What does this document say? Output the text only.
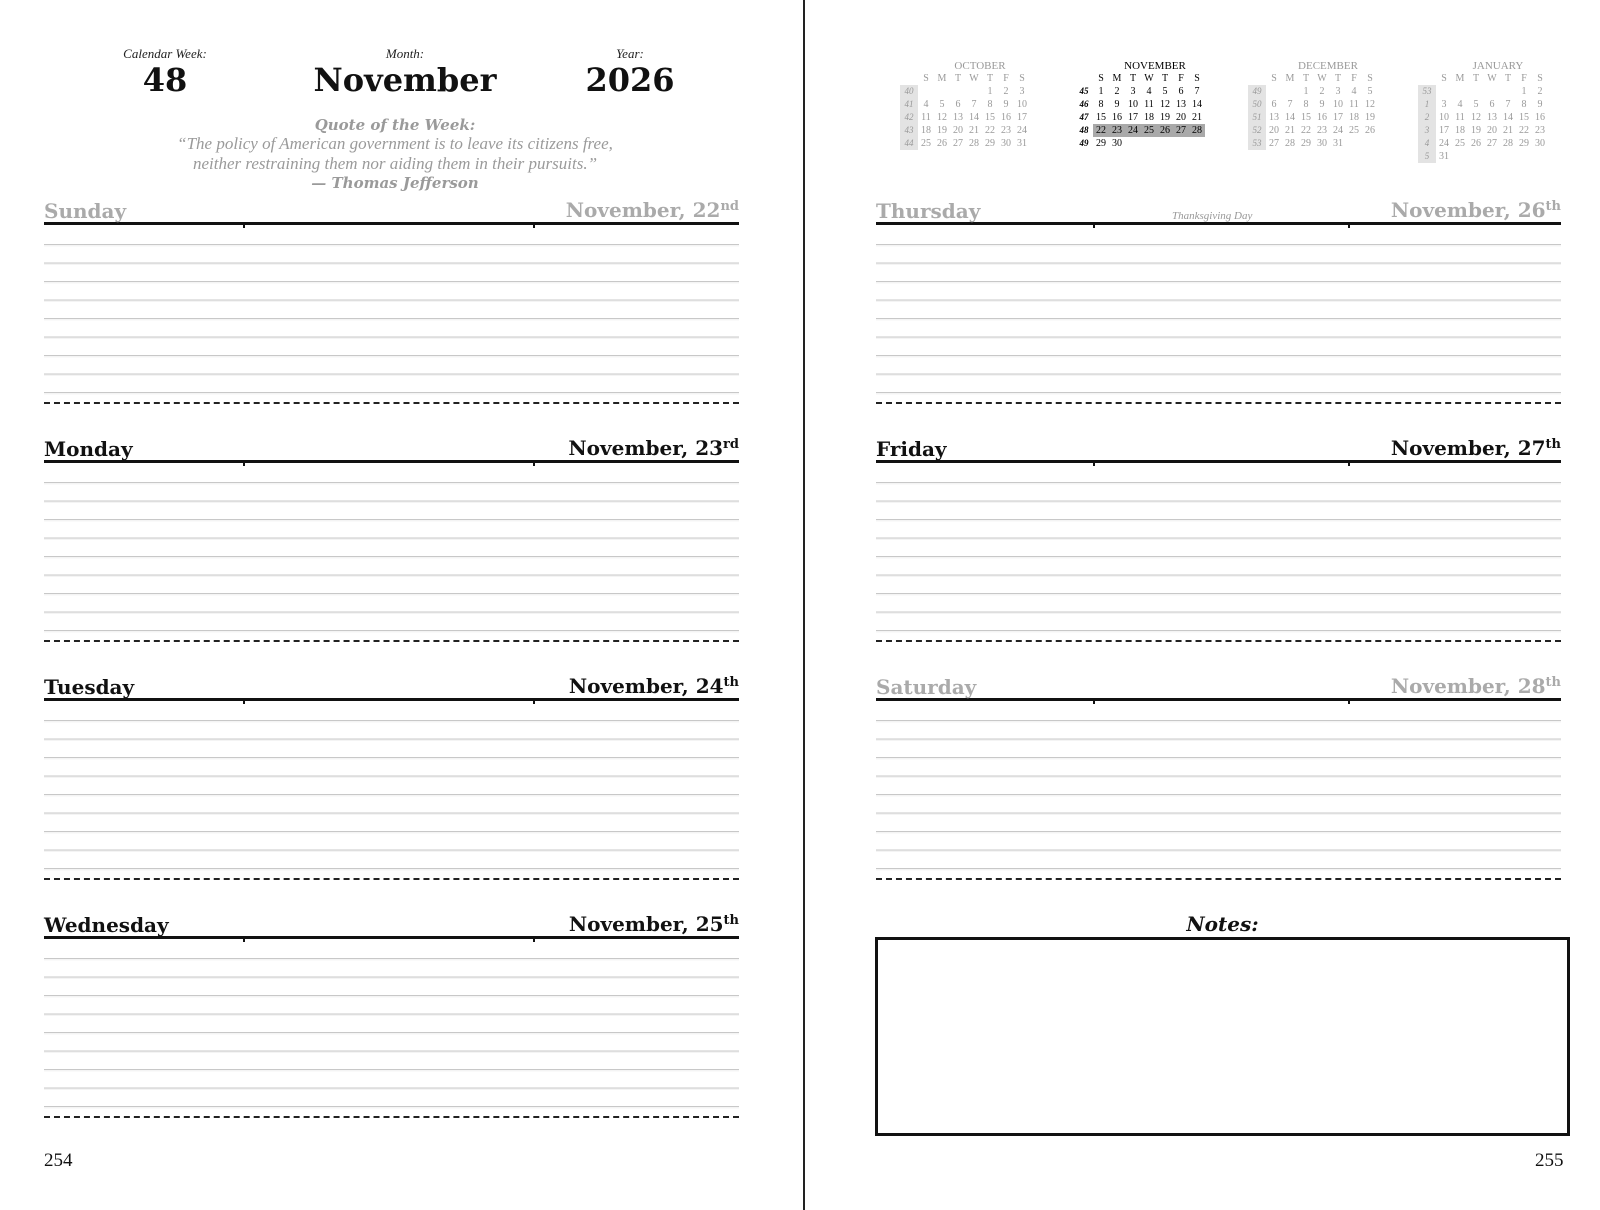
Calendar Week:
48
Month:
November
Year:
2026
Quote of the Week:
“The policy of American government is to leave its citizens free,
neither restraining them nor aiding them in their pursuits.”
— Thomas Jefferson
Sunday	November, 22nd
Monday	November, 23rd
Tuesday	November, 24th
Wednesday	November, 25th
254
OCTOBER
	S	M	T	W	T	F	S
40					1	2	3
41	4	5	6	7	8	9	10
42	11	12	13	14	15	16	17
43	18	19	20	21	22	23	24
44	25	26	27	28	29	30	31
NOVEMBER
	S	M	T	W	T	F	S
45	1	2	3	4	5	6	7
46	8	9	10	11	12	13	14
47	15	16	17	18	19	20	21
48	22	23	24	25	26	27	28
49	29	30					
DECEMBER
	S	M	T	W	T	F	S
49			1	2	3	4	5
50	6	7	8	9	10	11	12
51	13	14	15	16	17	18	19
52	20	21	22	23	24	25	26
53	27	28	29	30	31		
JANUARY
	S	M	T	W	T	F	S
53						1	2
1	3	4	5	6	7	8	9
2	10	11	12	13	14	15	16
3	17	18	19	20	21	22	23
4	24	25	26	27	28	29	30
5	31						
Thursday	Thanksgiving Day	November, 26th
Friday	November, 27th
Saturday	November, 28th
Notes:
255
